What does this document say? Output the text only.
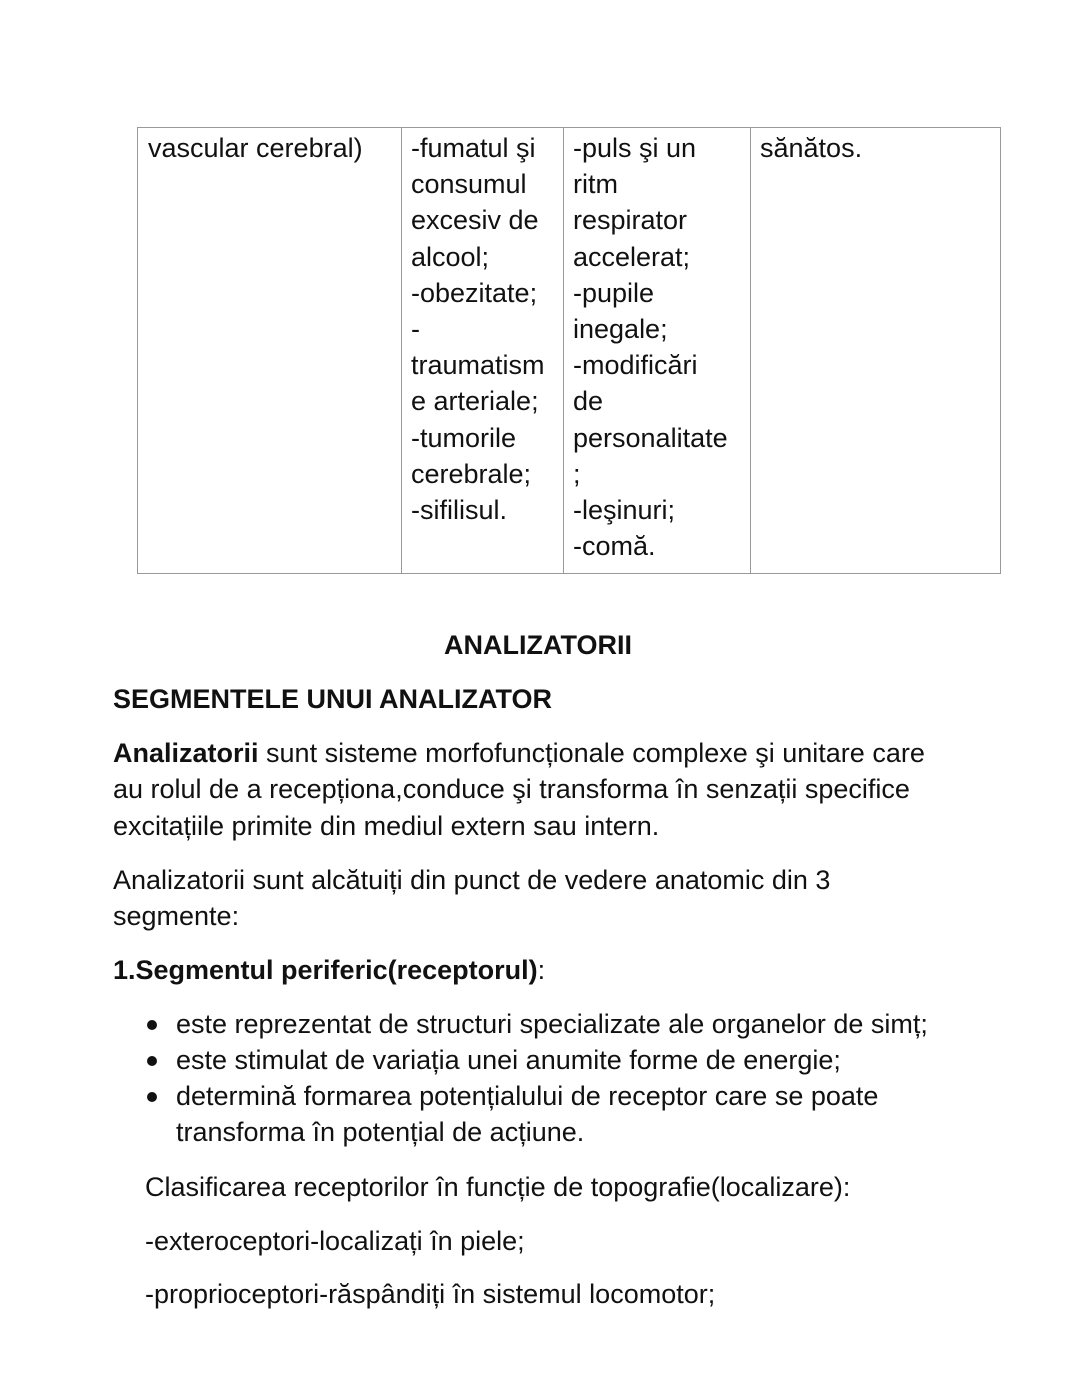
vascular cerebral) -fumatul şi
consumul
excesiv de
alcool;
-obezitate;
-
traumatism
e arteriale;
-tumorile
cerebrale;
-sifilisul.
-puls şi un
ritm
respirator
accelerat;
-pupile
inegale;
-modificări
de
personalitate
;
-leşinuri;
-comă.
sănătos.
ANALIZATORII
SEGMENTELE UNUI ANALIZATOR
Analizatorii sunt sisteme morfofuncționale complexe şi unitare care
au rolul de a recepționa,conduce şi transforma în senzații specifice
excitațiile primite din mediul extern sau intern.
Analizatorii sunt alcătuiți din punct de vedere anatomic din 3
segmente:
1.Segmentul periferic(receptorul):
este reprezentat de structuri specializate ale organelor de simț;
este stimulat de variația unei anumite forme de energie;
determină formarea potențialului de receptor care se poate
transforma în potențial de acțiune.
Clasificarea receptorilor în funcție de topografie(localizare):
-exteroceptori-localizați în piele;
-proprioceptori-răspândiți în sistemul locomotor;
